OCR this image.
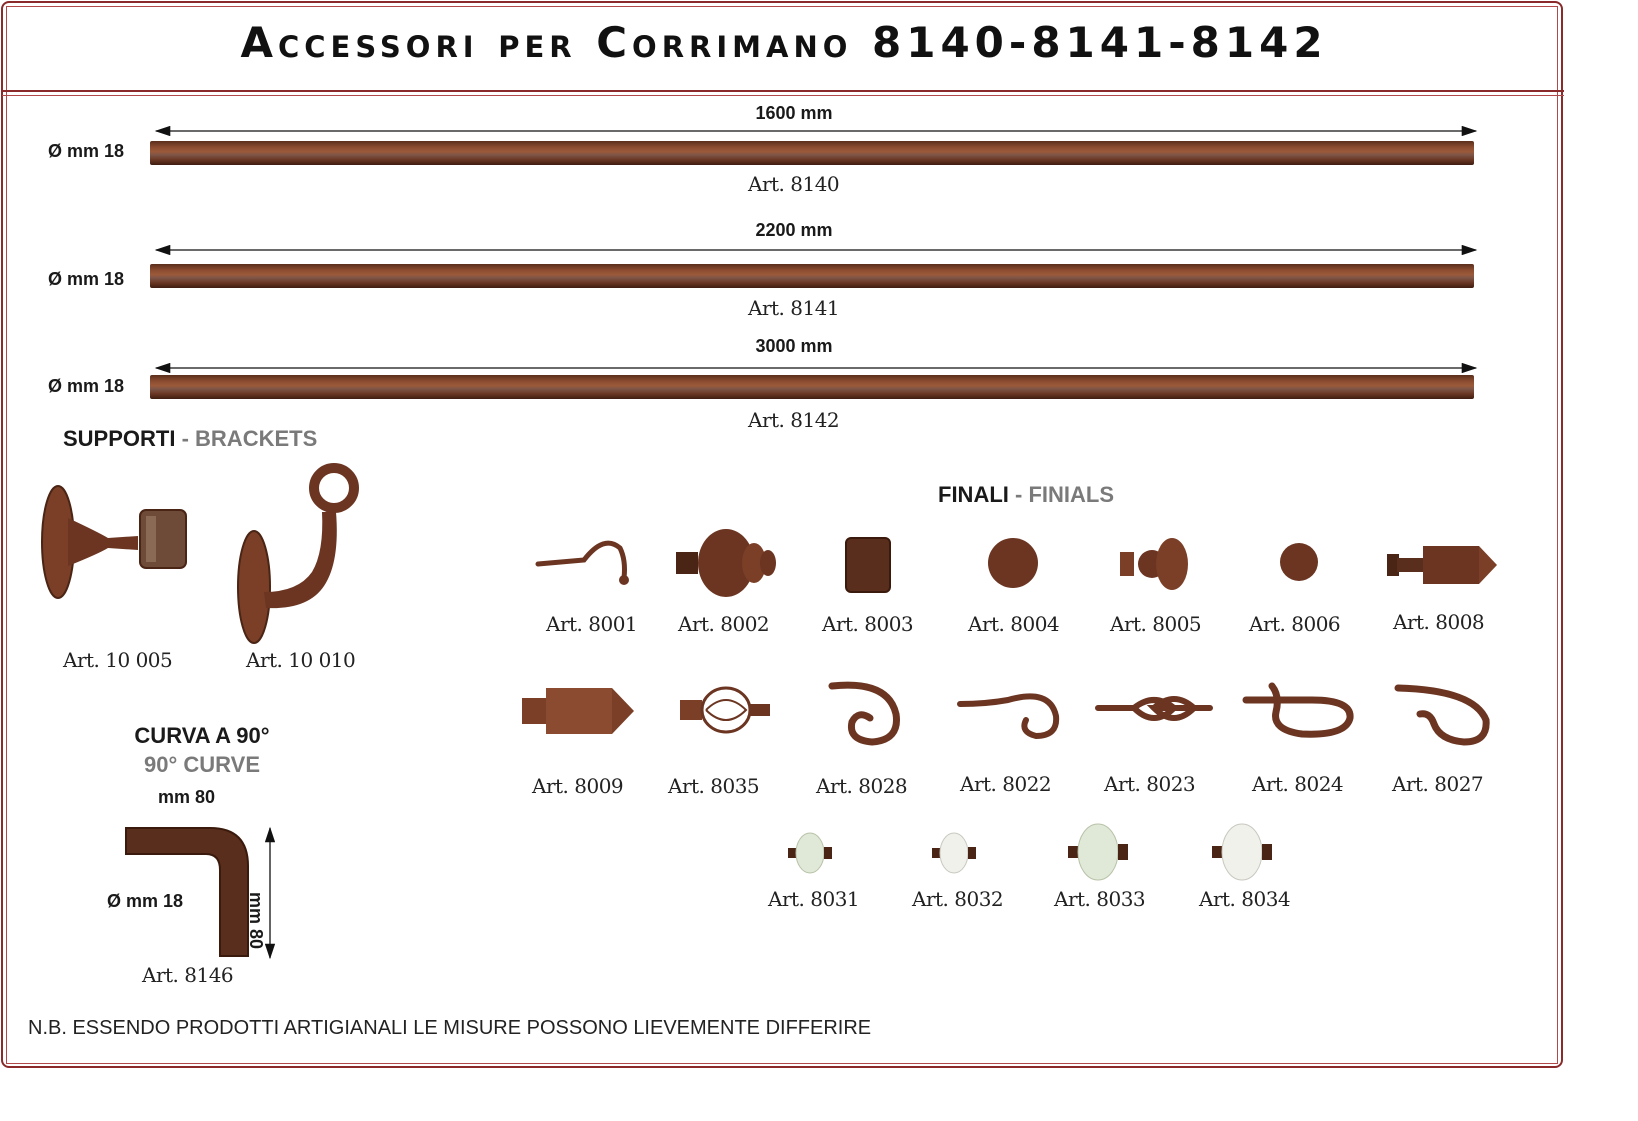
Accessori per Corrimano 8140-8141-8142
1600 mm
Ø mm 18
Art. 8140
2200 mm
Ø mm 18
Art. 8141
3000 mm
Ø mm 18
Art. 8142
SUPPORTI - BRACKETS
Art. 10 005	Art. 10 010
CURVA A 90°
90° CURVE
mm 80
mm 80
Ø mm 18
Art. 8146
FINALI - FINIALS
Art. 8001 Art. 8002	Art. 8003	Art. 8004	Art. 8005 Art. 8006	Art. 8008
Art. 8009 Art. 8035	Art. 8028	Art. 8022	Art. 8023	Art. 8024 Art. 8027
Art. 8031	Art. 8032	Art. 8033	Art. 8034
N.B. ESSENDO PRODOTTI ARTIGIANALI LE MISURE POSSONO LIEVEMENTE DIFFERIRE
